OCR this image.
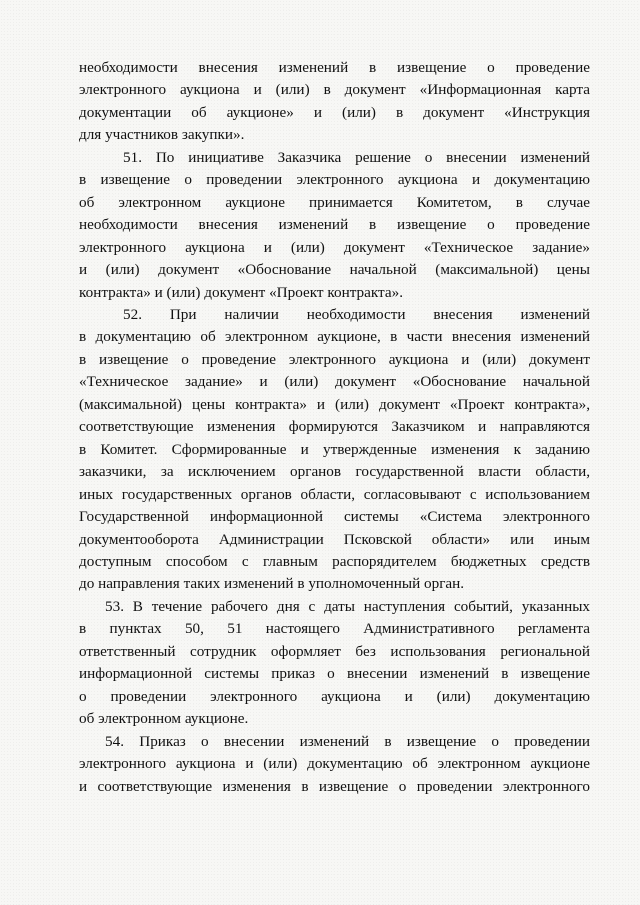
необходимости внесения изменений в извещение о проведение
электронного аукциона и (или) в документ «Информационная карта
документации об аукционе» и (или) в документ «Инструкция
для участников закупки».
51. По инициативе Заказчика решение о внесении изменений
в извещение о проведении электронного аукциона и документацию
об электронном аукционе принимается Комитетом, в случае
необходимости внесения изменений в извещение о проведение
электронного аукциона и (или) документ «Техническое задание»
и (или) документ «Обоснование начальной (максимальной) цены
контракта» и (или) документ «Проект контракта».
52. При наличии необходимости внесения изменений
в документацию об электронном аукционе, в части внесения изменений
в извещение о проведение электронного аукциона и (или) документ
«Техническое задание» и (или) документ «Обоснование начальной
(максимальной) цены контракта» и (или) документ «Проект контракта»,
соответствующие изменения формируются Заказчиком и направляются
в Комитет. Сформированные и утвержденные изменения к заданию
заказчики, за исключением органов государственной власти области,
иных государственных органов области, согласовывают с использованием
Государственной информационной системы «Система электронного
документооборота Администрации Псковской области» или иным
доступным способом с главным распорядителем бюджетных средств
до направления таких изменений в уполномоченный орган.
53. В течение рабочего дня с даты наступления событий, указанных
в пунктах 50, 51 настоящего Административного регламента
ответственный сотрудник оформляет без использования региональной
информационной системы приказ о внесении изменений в извещение
о проведении электронного аукциона и (или) документацию
об электронном аукционе.
54. Приказ о внесении изменений в извещение о проведении
электронного аукциона и (или) документацию об электронном аукционе
и соответствующие изменения в извещение о проведении электронного
